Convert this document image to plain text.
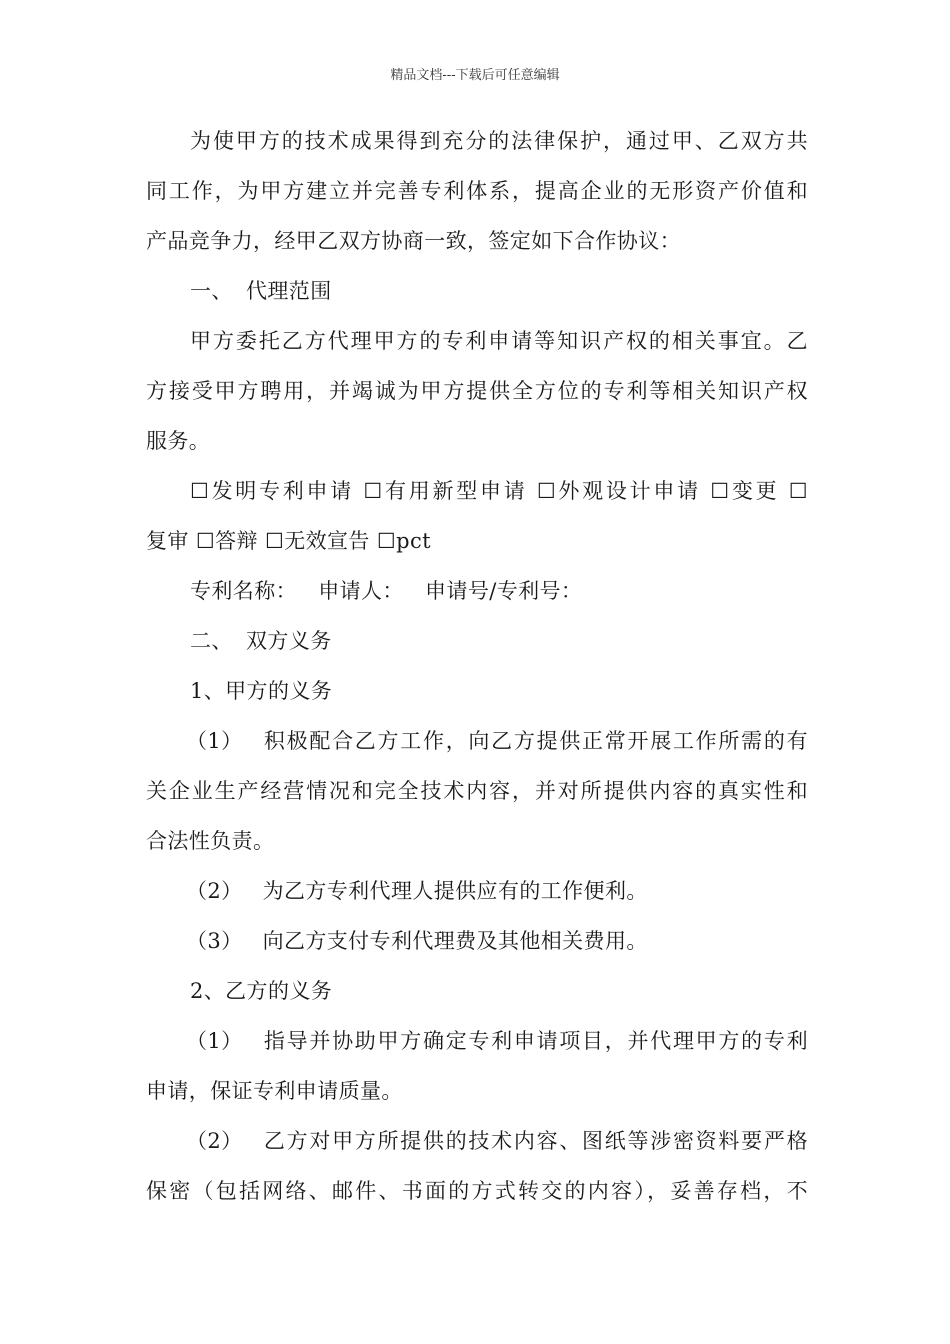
精品文档---下载后可任意编辑
为使甲方的技术成果得到充分的法律保护，通过甲、乙双方共
同工作，为甲方建立并完善专利体系，提高企业的无形资产价值和
产品竞争力，经甲乙双方协商一致，签定如下合作协议：
一、 代理范围
甲方委托乙方代理甲方的专利申请等知识产权的相关事宜。乙
方接受甲方聘用，并竭诚为甲方提供全方位的专利等相关知识产权
服务。
☐发明专利申请 ☐有用新型申请 ☐外观设计申请 ☐变更 ☐
复审 ☐答辩 ☐无效宣告 ☐pct
专利名称：   申请人：   申请号/专利号：
二、 双方义务
1、甲方的义务
（1） 积极配合乙方工作，向乙方提供正常开展工作所需的有
关企业生产经营情况和完全技术内容，并对所提供内容的真实性和
合法性负责。
（2） 为乙方专利代理人提供应有的工作便利。
（3） 向乙方支付专利代理费及其他相关费用。
2、乙方的义务
（1） 指导并协助甲方确定专利申请项目，并代理甲方的专利
申请，保证专利申请质量。
（2） 乙方对甲方所提供的技术内容、图纸等涉密资料要严格
保密（包括网络、邮件、书面的方式转交的内容），妥善存档，不
